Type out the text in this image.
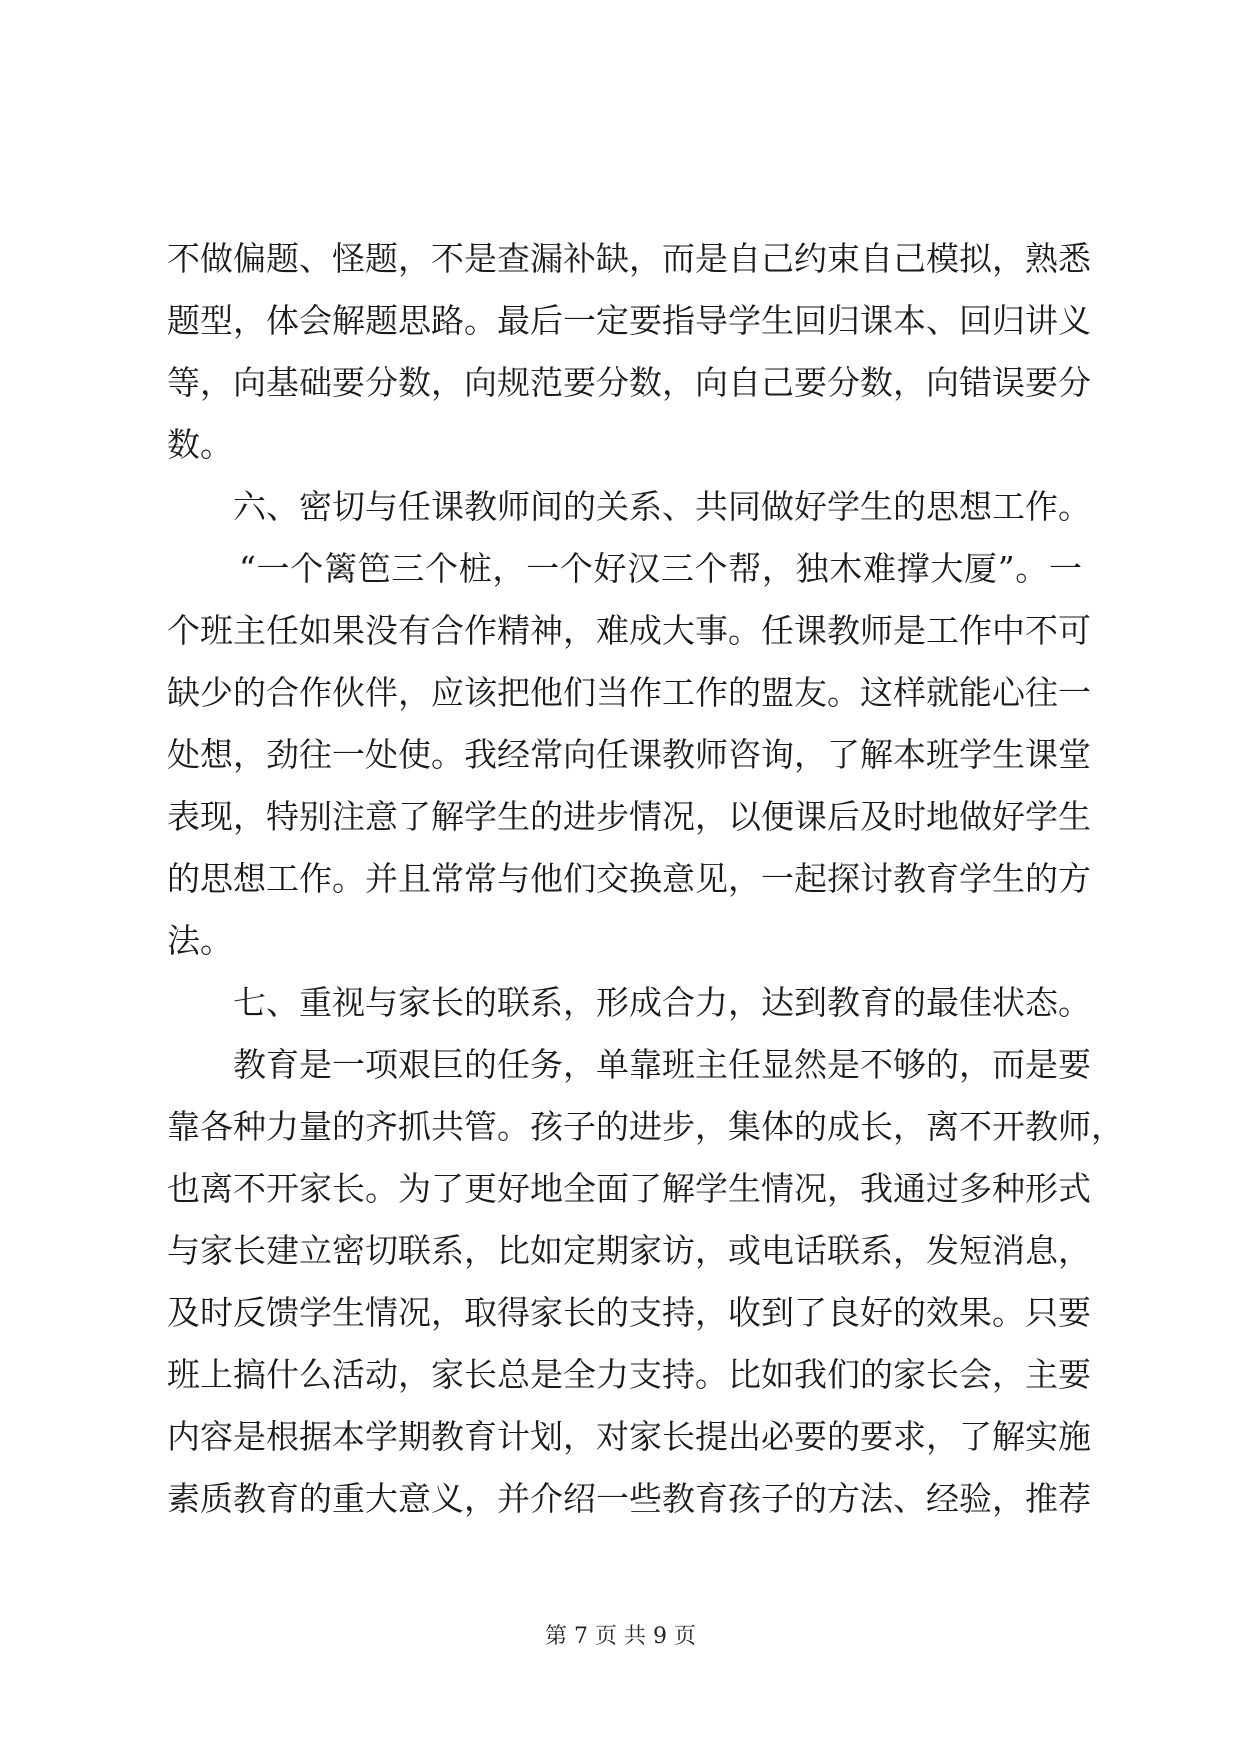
不做偏题、怪题，不是查漏补缺，而是自己约束自己模拟，熟悉
题型，体会解题思路。最后一定要指导学生回归课本、回归讲义
等，向基础要分数，向规范要分数，向自己要分数，向错误要分
数。
六、密切与任课教师间的关系、共同做好学生的思想工作。
“一个篱笆三个桩，一个好汉三个帮，独木难撑大厦”。一
个班主任如果没有合作精神，难成大事。任课教师是工作中不可
缺少的合作伙伴，应该把他们当作工作的盟友。这样就能心往一
处想，劲往一处使。我经常向任课教师咨询，了解本班学生课堂
表现，特别注意了解学生的进步情况，以便课后及时地做好学生
的思想工作。并且常常与他们交换意见，一起探讨教育学生的方
法。
七、重视与家长的联系，形成合力，达到教育的最佳状态。
教育是一项艰巨的任务，单靠班主任显然是不够的，而是要
靠各种力量的齐抓共管。孩子的进步，集体的成长，离不开教师，
也离不开家长。为了更好地全面了解学生情况，我通过多种形式
与家长建立密切联系，比如定期家访，或电话联系，发短消息，
及时反馈学生情况，取得家长的支持，收到了良好的效果。只要
班上搞什么活动，家长总是全力支持。比如我们的家长会，主要
内容是根据本学期教育计划，对家长提出必要的要求，了解实施
素质教育的重大意义，并介绍一些教育孩子的方法、经验，推荐
第 7 页 共 9 页
